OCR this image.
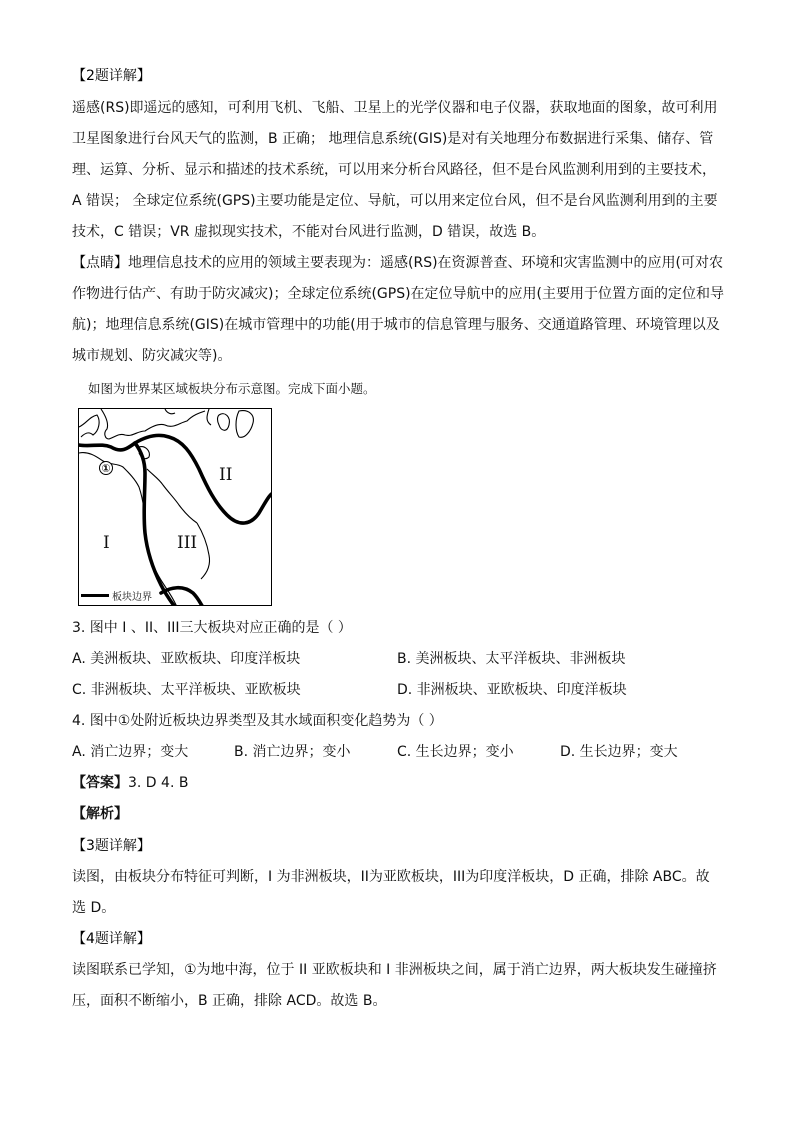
【2题详解】
遥感(RS)即遥远的感知，可利用飞机、飞船、卫星上的光学仪器和电子仪器，获取地面的图象，故可利用
卫星图象进行台风天气的监测，B 正确； 地理信息系统(GIS)是对有关地理分布数据进行采集、储存、管
理、运算、分析、显示和描述的技术系统，可以用来分析台风路径，但不是台风监测利用到的主要技术，
A 错误； 全球定位系统(GPS)主要功能是定位、导航，可以用来定位台风，但不是台风监测利用到的主要
技术，C 错误；VR 虚拟现实技术，不能对台风进行监测，D 错误，故选 B。
【点睛】地理信息技术的应用的领域主要表现为：遥感(RS)在资源普查、环境和灾害监测中的应用(可对农
作物进行估产、有助于防灾减灾)；全球定位系统(GPS)在定位导航中的应用(主要用于位置方面的定位和导
航)；地理信息系统(GIS)在城市管理中的功能(用于城市的信息管理与服务、交通道路管理、环境管理以及
城市规划、防灾减灾等)。
如图为世界某区域板块分布示意图。完成下面小题。
①	II
I	III
板块边界
3. 图中 I 、II、III三大板块对应正确的是（ ）
A. 美洲板块、亚欧板块、印度洋板块	B. 美洲板块、太平洋板块、非洲板块
C. 非洲板块、太平洋板块、亚欧板块	D. 非洲板块、亚欧板块、印度洋板块
4. 图中①处附近板块边界类型及其水域面积变化趋势为（ ）
A. 消亡边界；变大	B. 消亡边界；变小	C. 生长边界；变小	D. 生长边界；变大
【答案】3. D 4. B
【解析】
【3题详解】
读图，由板块分布特征可判断，I 为非洲板块，II为亚欧板块，III为印度洋板块，D 正确，排除 ABC。故
选 D。
【4题详解】
读图联系已学知，①为地中海，位于 II 亚欧板块和 I 非洲板块之间，属于消亡边界，两大板块发生碰撞挤
压，面积不断缩小，B 正确，排除 ACD。故选 B。
